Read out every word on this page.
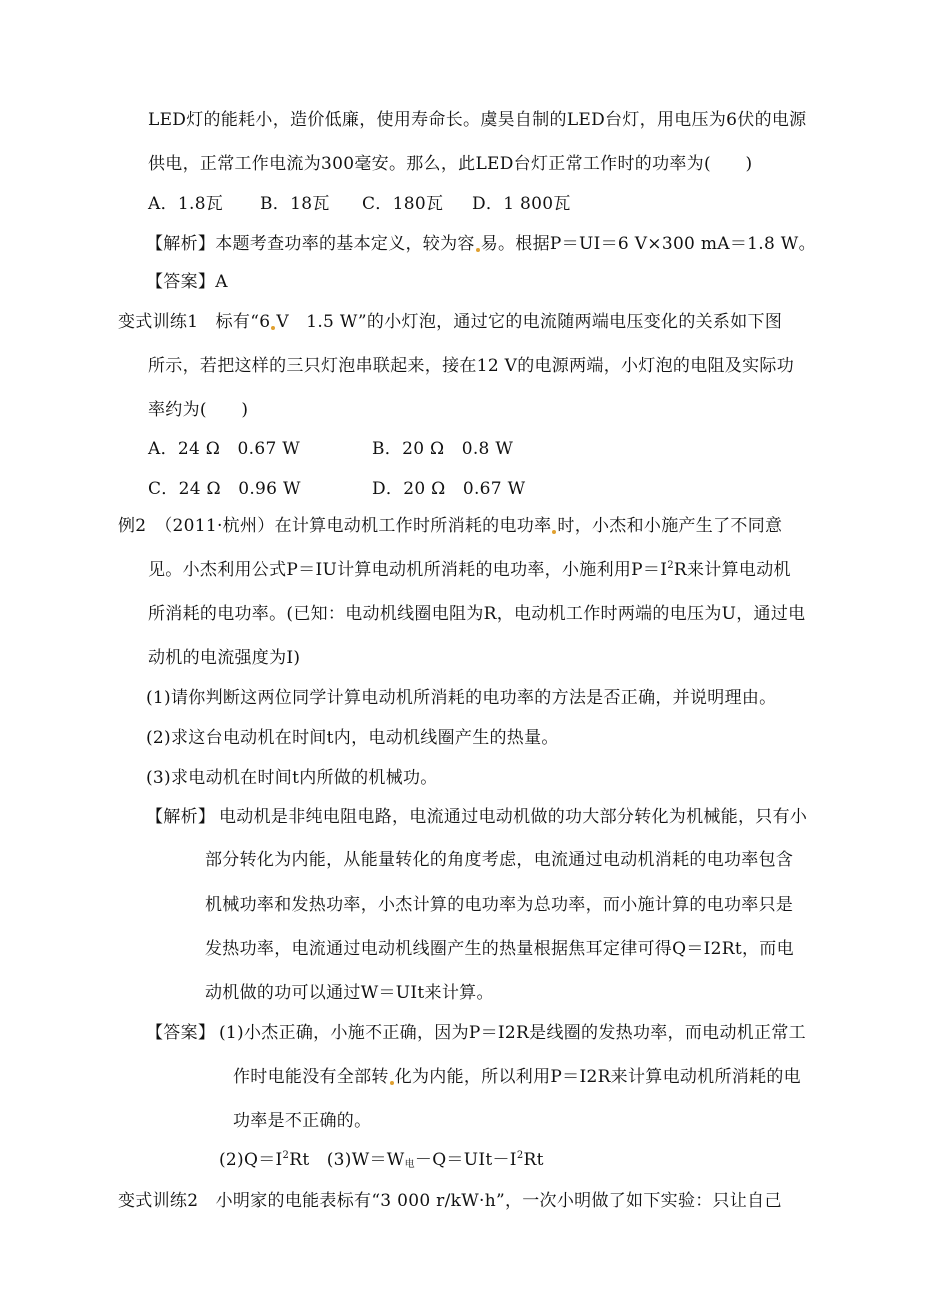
LED灯的能耗小，造价低廉，使用寿命长。虞昊自制的LED台灯，用电压为6伏的电源
供电，正常工作电流为300毫安。那么，此LED台灯正常工作时的功率为(　　)
A．1.8瓦 B．18瓦 C．180瓦 D．1 800瓦
【解析】本题考查功率的基本定义，较为容 易。根据P＝UI＝6 V×300 mA＝1.8 W。
【答案】A
变式训练1　标有“6 V　1.5 W”的小灯泡，通过它的电流随两端电压变化的关系如下图
所示，若把这样的三只灯泡串联起来，接在12 V的电源两端，小灯泡的电阻及实际功
率约为(　　)
A．24 Ω　0.67 W	B．20 Ω　0.8 W
C．24 Ω　0.96 W	D．20 Ω　0.67 W
例2　（2011·杭州）在计算电动机工作时所消耗的电功率 时，小杰和小施产生了不同意
见。小杰利用公式P＝IU计算电动机所消耗的电功率，小施利用$P=I^2R$来计算电动机
所消耗的电功率。(已知：电动机线圈电阻为R，电动机工作时两端的电压为U，通过电
动机的电流强度为I)
(1)请你判断这两位同学计算电动机所消耗的电功率的方法是否正确，并说明理由。
(2)求这台电动机在时间t内，电动机线圈产生的热量。
(3)求电动机在时间t内所做的机械功。
【解析】 电动机是非纯电阻电路，电流通过电动机做的功大部分转化为机械能，只有小
部分转化为内能，从能量转化的角度考虑，电流通过电动机消耗的电功率包含
机械功率和发热功率，小杰计算的电功率为总功率，而小施计算的电功率只是
发热功率，电流通过电动机线圈产生的热量根据焦耳定律可得Q＝I2Rt，而电
动机做的功可以通过W＝UIt来计算。
【答案】 (1)小杰正确，小施不正确，因为P＝I2R是线圈的发热功率，而电动机正常工
作时电能没有全部转 化为内能，所以利用P＝I2R来计算电动机所消耗的电
功率是不正确的。
$(2)Q=I^2Rt$　$(3)W=W_电-Q=UIt-I^2Rt$
变式训练2　小明家的电能表标有“3 000 r/kW·h”，一次小明做了如下实验：只让自己
